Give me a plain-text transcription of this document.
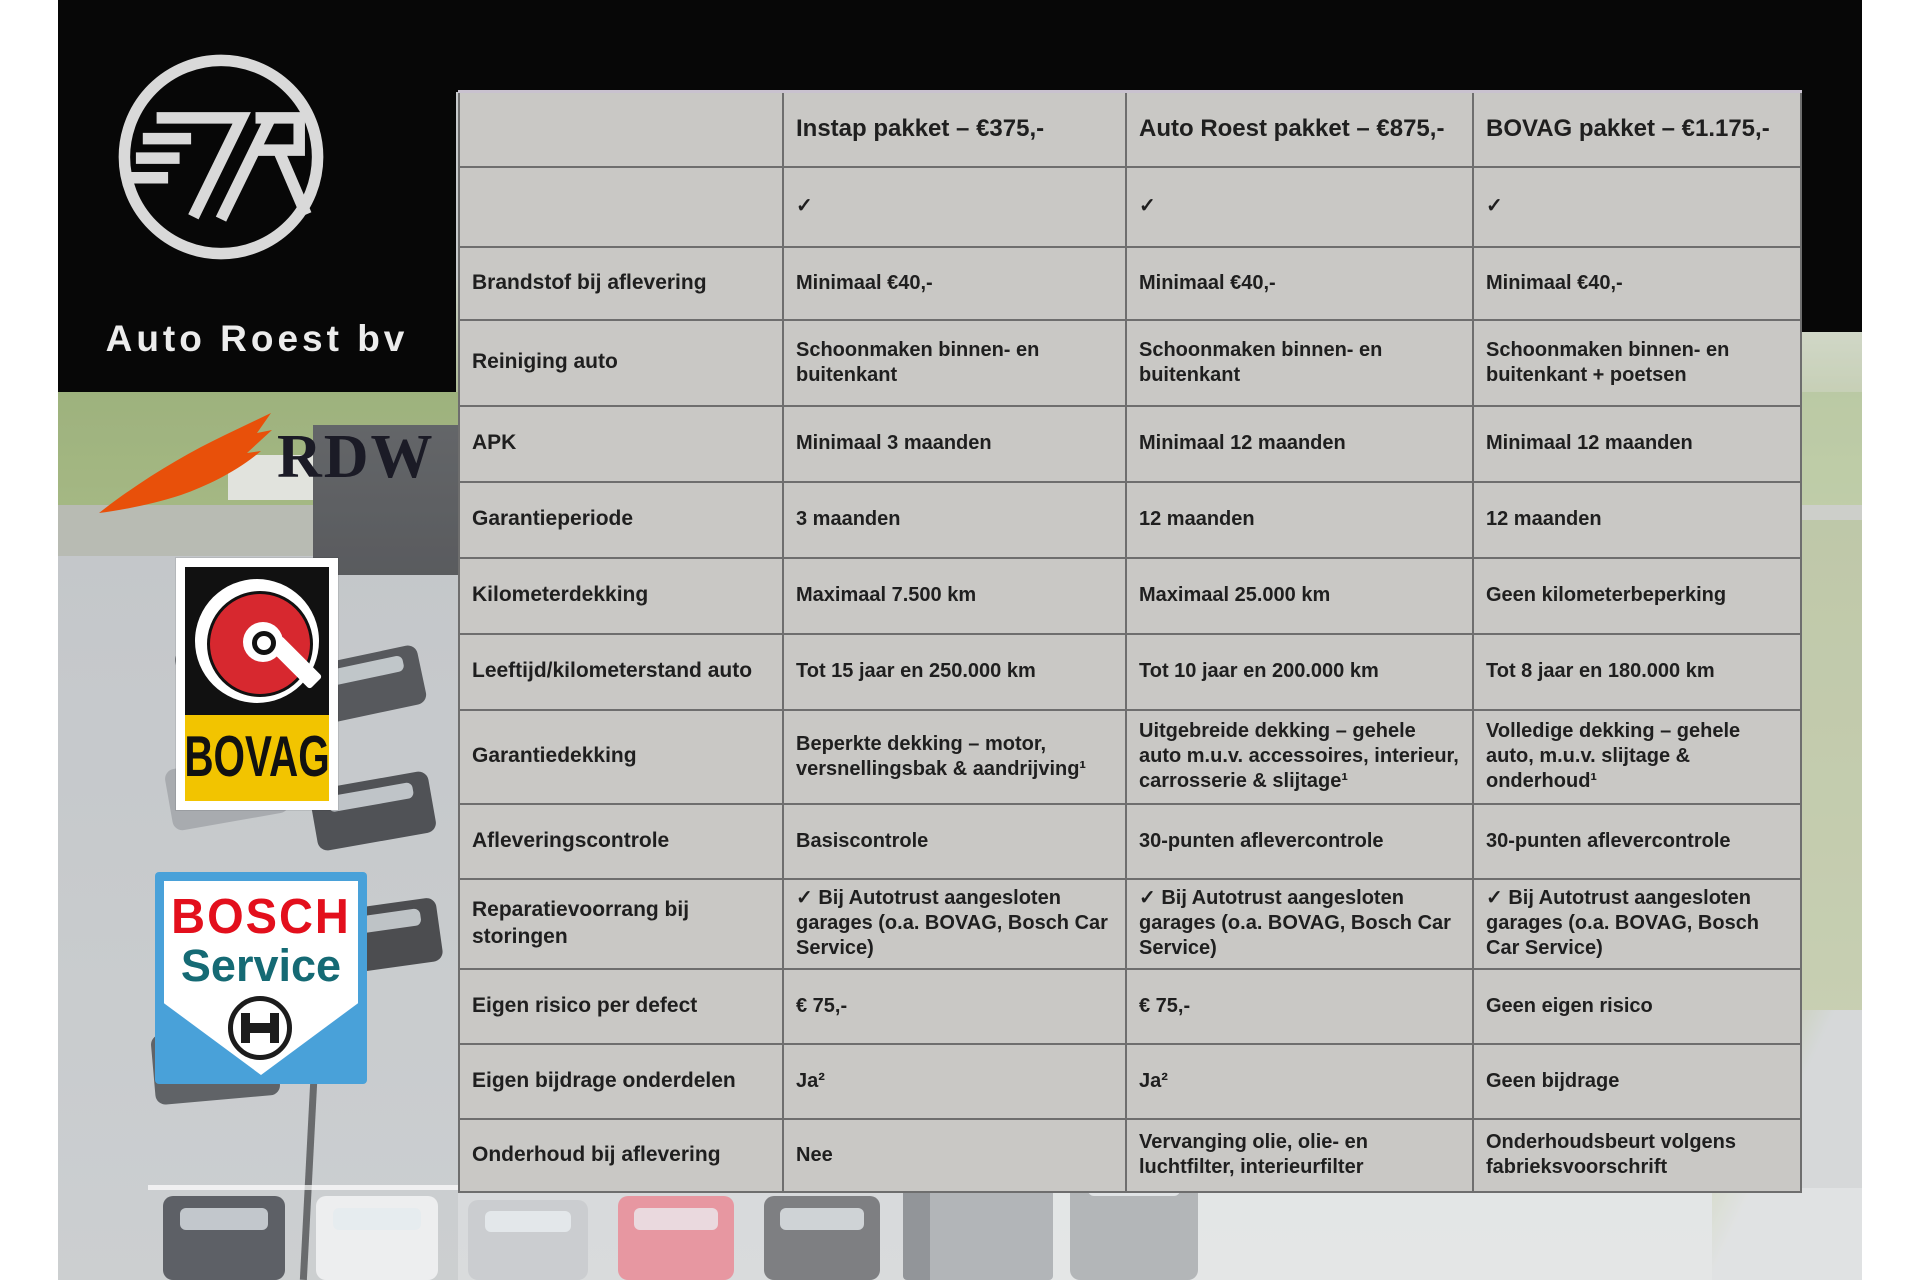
Auto Roest bv
RDW
BOVAG
BOSCH
Service
	Instap pakket – €375,-	Auto Roest pakket – €875,-	BOVAG pakket – €1.175,-
	✓	✓	✓
Brandstof bij aflevering	Minimaal €40,-	Minimaal €40,-	Minimaal €40,-
Reiniging auto	Schoonmaken binnen- en buitenkant	Schoonmaken binnen- en buitenkant	Schoonmaken binnen- en buitenkant + poetsen
APK	Minimaal 3 maanden	Minimaal 12 maanden	Minimaal 12 maanden
Garantieperiode	3 maanden	12 maanden	12 maanden
Kilometerdekking	Maximaal 7.500 km	Maximaal 25.000 km	Geen kilometerbeperking
Leeftijd/kilometerstand auto	Tot 15 jaar en 250.000 km	Tot 10 jaar en 200.000 km	Tot 8 jaar en 180.000 km
Garantiedekking	Beperkte dekking – motor, versnellingsbak & aandrijving¹	Uitgebreide dekking – gehele auto m.u.v. accessoires, interieur, carrosserie & slijtage¹	Volledige dekking – gehele auto, m.u.v. slijtage & onderhoud¹
Afleveringscontrole	Basiscontrole	30-punten aflevercontrole	30-punten aflevercontrole
Reparatievoorrang bij storingen	✓ Bij Autotrust aangesloten garages (o.a. BOVAG, Bosch Car Service)	✓ Bij Autotrust aangesloten garages (o.a. BOVAG, Bosch Car Service)	✓ Bij Autotrust aangesloten garages (o.a. BOVAG, Bosch Car Service)
Eigen risico per defect	€ 75,-	€ 75,-	Geen eigen risico
Eigen bijdrage onderdelen	Ja²	Ja²	Geen bijdrage
Onderhoud bij aflevering	Nee	Vervanging olie, olie- en luchtfilter, interieurfilter	Onderhoudsbeurt volgens fabrieksvoorschrift
